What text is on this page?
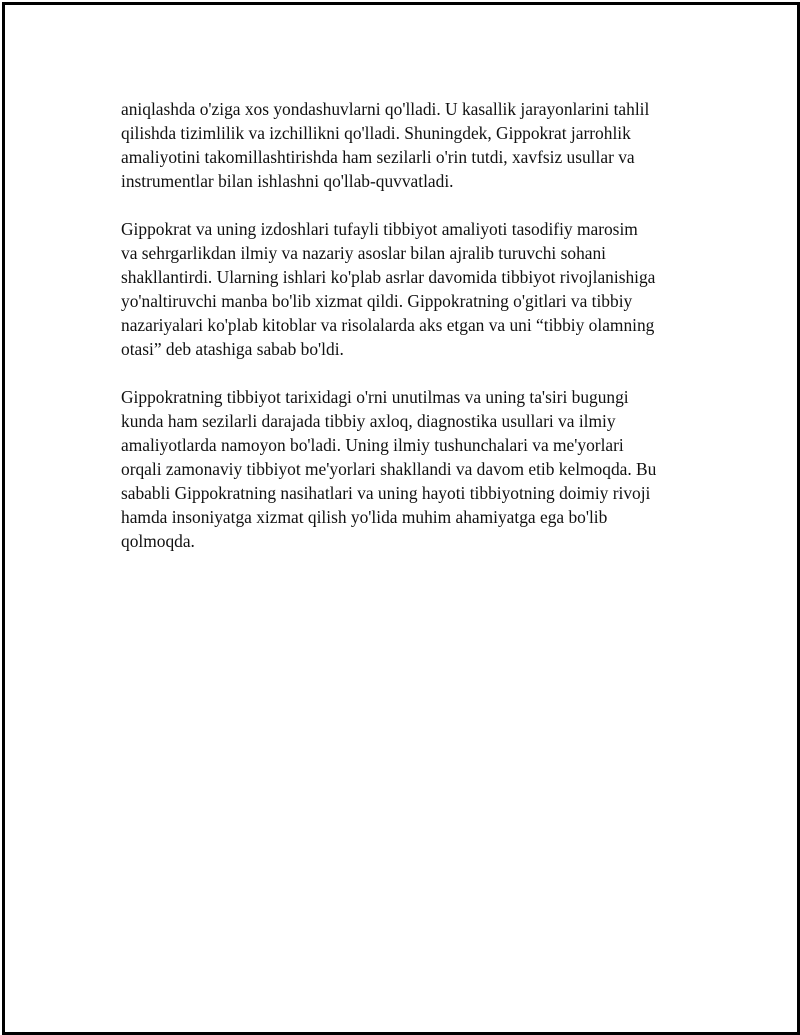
aniqlashda o'ziga xos yondashuvlarni qo'lladi. U kasallik jarayonlarini tahlil
qilishda tizimlilik va izchillikni qo'lladi. Shuningdek, Gippokrat jarrohlik
amaliyotini takomillashtirishda ham sezilarli o'rin tutdi, xavfsiz usullar va
instrumentlar bilan ishlashni qo'llab-quvvatladi.

Gippokrat va uning izdoshlari tufayli tibbiyot amaliyoti tasodifiy marosim
va sehrgarlikdan ilmiy va nazariy asoslar bilan ajralib turuvchi sohani
shakllantirdi. Ularning ishlari ko'plab asrlar davomida tibbiyot rivojlanishiga
yo'naltiruvchi manba bo'lib xizmat qildi. Gippokratning o'gitlari va tibbiy
nazariyalari ko'plab kitoblar va risolalarda aks etgan va uni “tibbiy olamning
otasi” deb atashiga sabab bo'ldi.

Gippokratning tibbiyot tarixidagi o'rni unutilmas va uning ta'siri bugungi
kunda ham sezilarli darajada tibbiy axloq, diagnostika usullari va ilmiy
amaliyotlarda namoyon bo'ladi. Uning ilmiy tushunchalari va me'yorlari
orqali zamonaviy tibbiyot me'yorlari shakllandi va davom etib kelmoqda. Bu
sababli Gippokratning nasihatlari va uning hayoti tibbiyotning doimiy rivoji
hamda insoniyatga xizmat qilish yo'lida muhim ahamiyatga ega bo'lib
qolmoqda.
